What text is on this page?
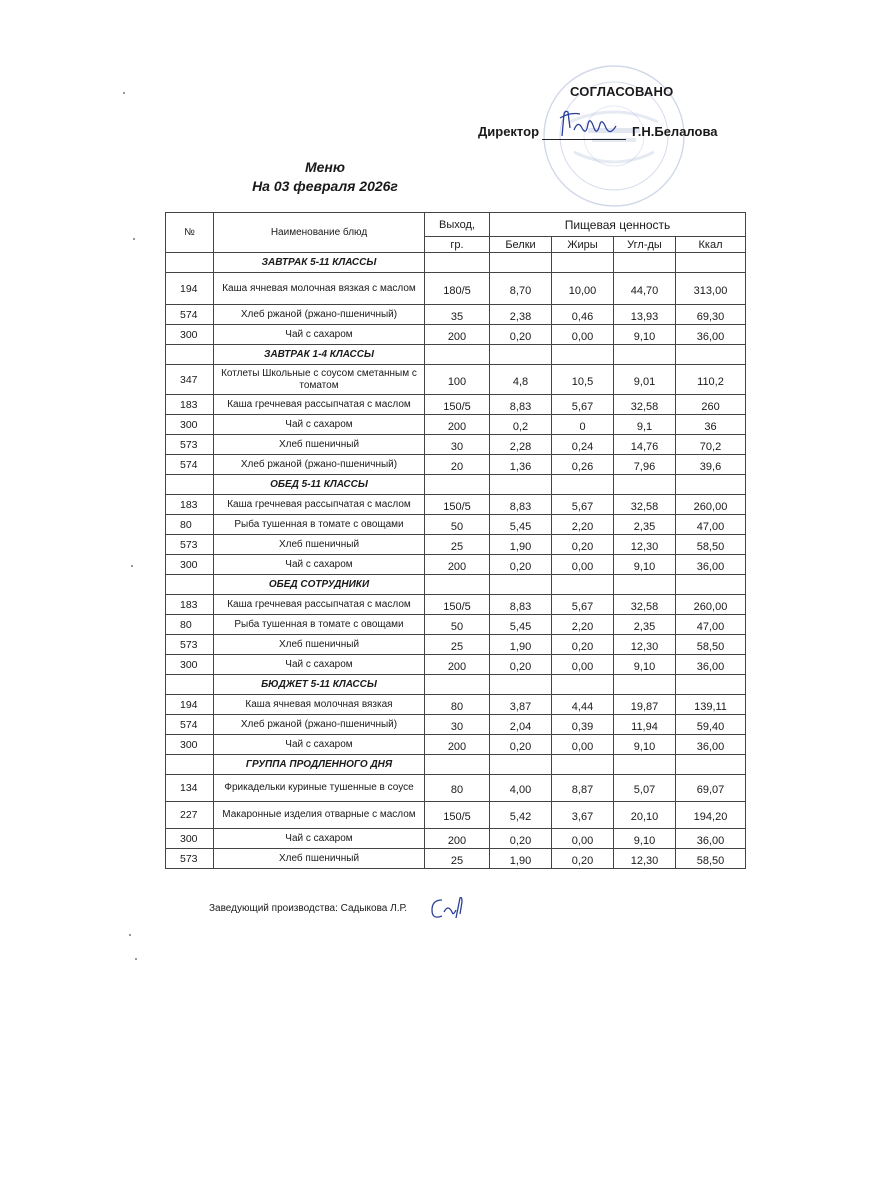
СОГЛАСОВАНО
Директор	Г.Н.Белалова
Меню
На 03 февраля 2026г
№	Наименование блюд	Выход,	Пищевая ценность			
		гр.	Белки	Жиры	Угл-ды	Ккал
	ЗАВТРАК 5-11 КЛАССЫ					
194	Каша ячневая молочная вязкая с маслом	180/5	8,70	10,00	44,70	313,00
574	Хлеб ржаной (ржано-пшеничный)	35	2,38	0,46	13,93	69,30
300	Чай с сахаром	200	0,20	0,00	9,10	36,00
	ЗАВТРАК 1-4 КЛАССЫ					
347	Котлеты Школьные с соусом сметанным с томатом	100	4,8	10,5	9,01	110,2
183	Каша гречневая рассыпчатая с маслом	150/5	8,83	5,67	32,58	260
300	Чай с сахаром	200	0,2	0	9,1	36
573	Хлеб пшеничный	30	2,28	0,24	14,76	70,2
574	Хлеб ржаной (ржано-пшеничный)	20	1,36	0,26	7,96	39,6
	ОБЕД 5-11 КЛАССЫ					
183	Каша гречневая рассыпчатая с маслом	150/5	8,83	5,67	32,58	260,00
80	Рыба тушенная в томате с овощами	50	5,45	2,20	2,35	47,00
573	Хлеб пшеничный	25	1,90	0,20	12,30	58,50
300	Чай с сахаром	200	0,20	0,00	9,10	36,00
	ОБЕД СОТРУДНИКИ					
183	Каша гречневая рассыпчатая с маслом	150/5	8,83	5,67	32,58	260,00
80	Рыба тушенная в томате с овощами	50	5,45	2,20	2,35	47,00
573	Хлеб пшеничный	25	1,90	0,20	12,30	58,50
300	Чай с сахаром	200	0,20	0,00	9,10	36,00
	БЮДЖЕТ 5-11 КЛАССЫ					
194	Каша ячневая молочная вязкая	80	3,87	4,44	19,87	139,11
574	Хлеб ржаной (ржано-пшеничный)	30	2,04	0,39	11,94	59,40
300	Чай с сахаром	200	0,20	0,00	9,10	36,00
	ГРУППА ПРОДЛЕННОГО ДНЯ					
134	Фрикадельки куриные тушенные в соусе	80	4,00	8,87	5,07	69,07
227	Макаронные изделия отварные с маслом	150/5	5,42	3,67	20,10	194,20
300	Чай с сахаром	200	0,20	0,00	9,10	36,00
573	Хлеб пшеничный	25	1,90	0,20	12,30	58,50
Заведующий производства: Садыкова Л.Р.
